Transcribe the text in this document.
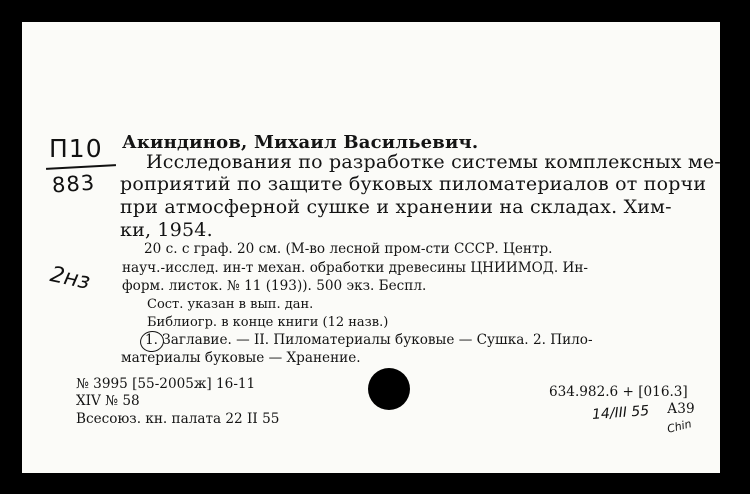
П10
883
2нз
Акиндинов, Михаил Васильевич.
Исследования по разработке системы комплексных ме-
роприятий по защите буковых пиломатериалов от порчи
при атмосферной сушке и хранении на складах. Хим-
ки, 1954.
20 с. с граф. 20 см. (М-во лесной пром-сти СССР. Центр.
науч.-исслед. ин-т механ. обработки древесины ЦНИИМОД. Ин-
форм. листок. № 11 (193)). 500 экз. Беспл.
Сост. указан в вып. дан.
Библиогр. в конце книги (12 назв.)
1. Заглавие. — II. Пиломатериалы буковые — Сушка. 2. Пило-
материалы буковые — Хранение.
№ 3995 [55-2005ж] 16-11
XIV № 58
Всесоюз. кн. палата 22 II 55
634.982.6 + [016.3]
14/III 55 А39
Сhin
